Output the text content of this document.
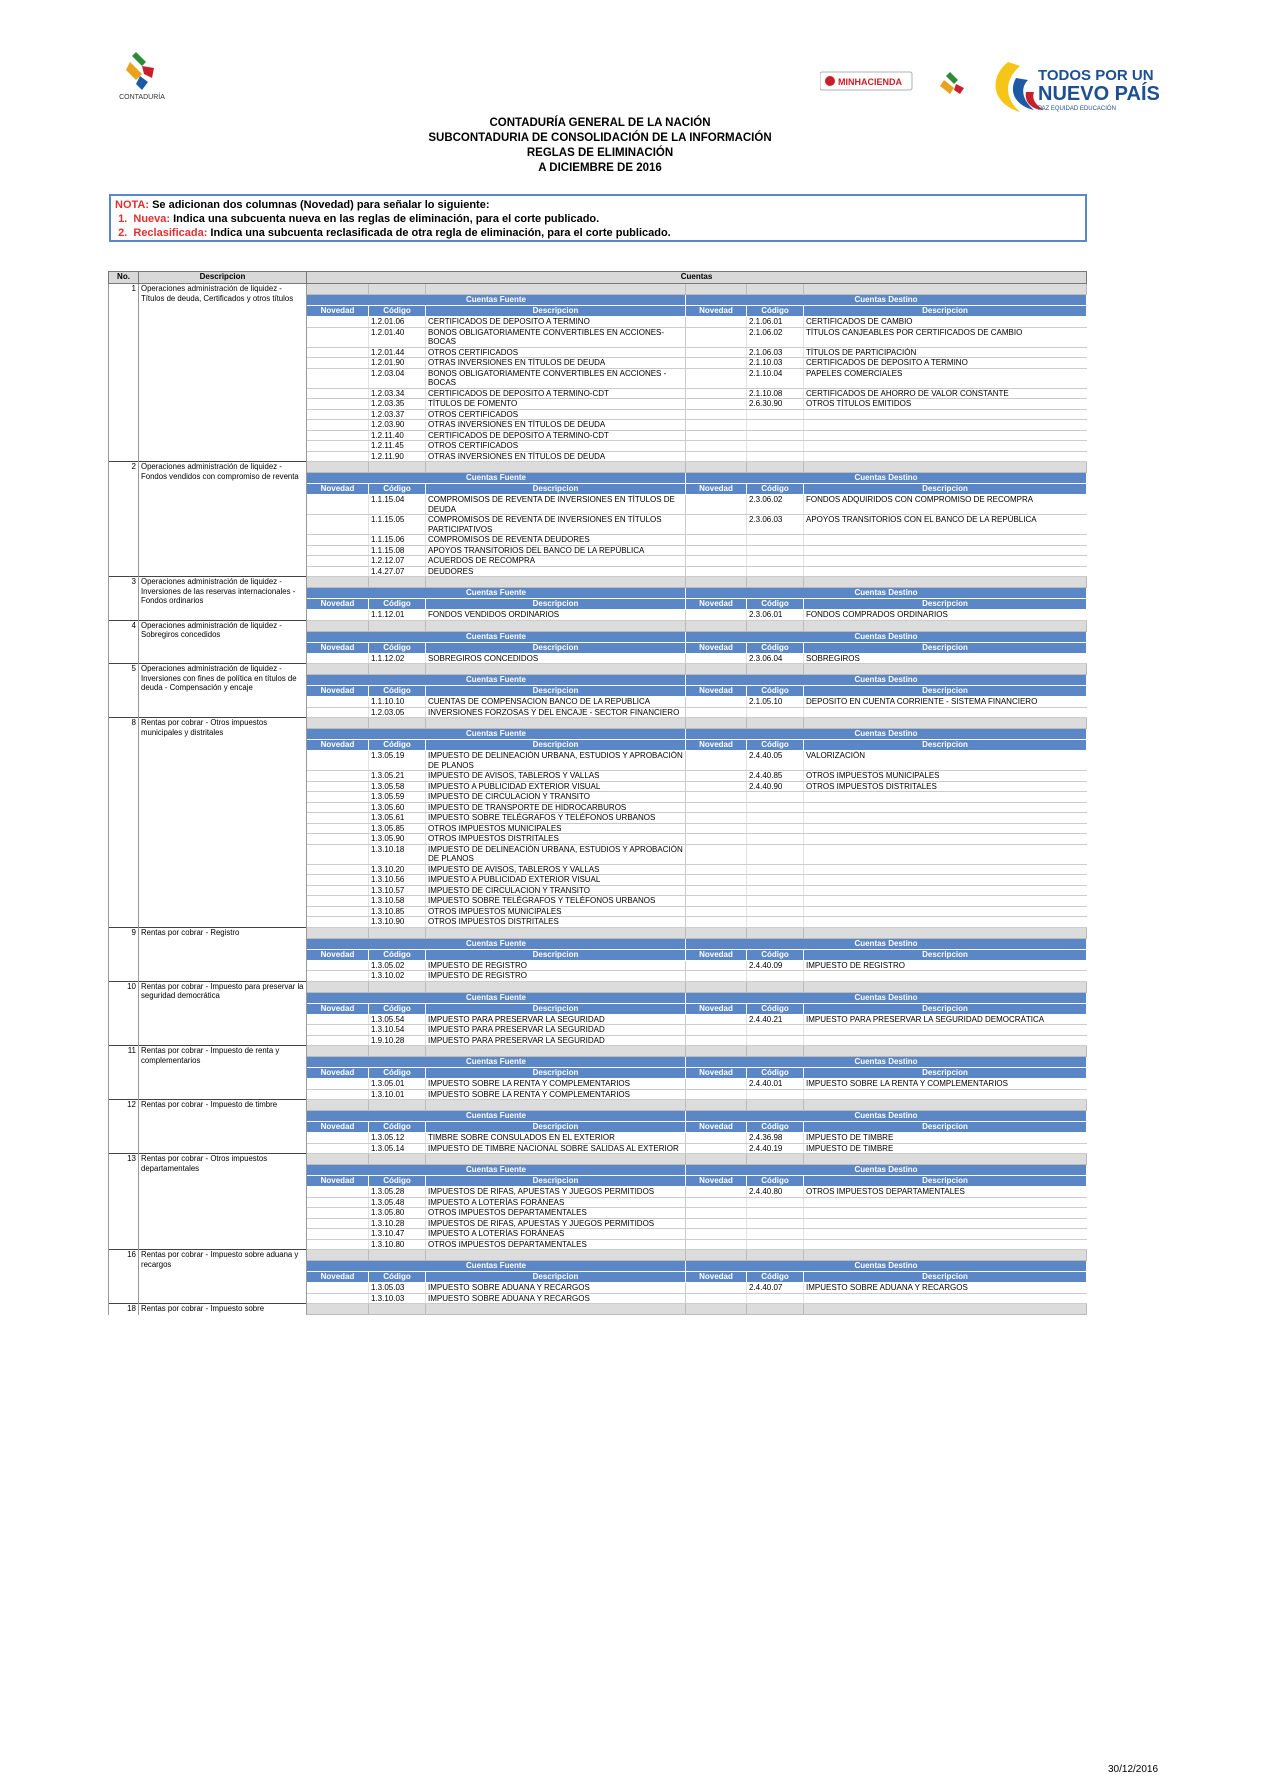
CONTADURÍA
MINHACIENDA	TODOS POR UN
NUEVO PAÍS
PAZ EQUIDAD EDUCACIÓN
CONTADURÍA GENERAL DE LA NACIÓN
SUBCONTADURIA DE CONSOLIDACIÓN DE LA INFORMACIÓN
REGLAS DE ELIMINACIÓN
A DICIEMBRE DE 2016
NOTA: Se adicionan dos columnas (Novedad) para señalar lo siguiente:
1. Nueva: Indica una subcuenta nueva en las reglas de eliminación, para el corte publicado.
2. Reclasificada: Indica una subcuenta reclasificada de otra regla de eliminación, para el corte publicado.
No.	Descripcion	Cuentas					
1	Operaciones administración de liquidez - Títulos de deuda, Certificados y otros títulos						
		Cuentas Fuente			Cuentas Destino		
		Novedad	Código	Descripcion	Novedad	Código	Descripcion
			1.2.01.06	CERTIFICADOS DE DEPOSITO A TERMINO		2.1.06.01	CERTIFICADOS DE CAMBIO
			1.2.01.40	BONOS OBLIGATORIAMENTE CONVERTIBLES EN ACCIONES- BOCAS		2.1.06.02	TÍTULOS CANJEABLES POR CERTIFICADOS DE CAMBIO
			1.2.01.44	OTROS CERTIFICADOS		2.1.06.03	TÍTULOS DE PARTICIPACIÓN
			1.2.01.90	OTRAS INVERSIONES EN TÍTULOS DE DEUDA		2.1.10.03	CERTIFICADOS DE DEPOSITO A TERMINO
			1.2.03.04	BONOS OBLIGATORIAMENTE CONVERTIBLES EN ACCIONES - BOCAS		2.1.10.04	PAPELES COMERCIALES
			1.2.03.34	CERTIFICADOS DE DEPOSITO A TERMINO-CDT		2.1.10.08	CERTIFICADOS DE AHORRO DE VALOR CONSTANTE
			1.2.03.35	TÍTULOS DE FOMENTO		2.6.30.90	OTROS TÍTULOS EMITIDOS
			1.2.03.37	OTROS CERTIFICADOS			
			1.2.03.90	OTRAS INVERSIONES EN TÍTULOS DE DEUDA			
			1.2.11.40	CERTIFICADOS DE DEPOSITO A TERMINO-CDT			
			1.2.11.45	OTROS CERTIFICADOS			
			1.2.11.90	OTRAS INVERSIONES EN TÍTULOS DE DEUDA			
2	Operaciones administración de liquidez - Fondos vendidos con compromiso de reventa						
		Cuentas Fuente			Cuentas Destino		
		Novedad	Código	Descripcion	Novedad	Código	Descripcion
			1.1.15.04	COMPROMISOS DE REVENTA DE INVERSIONES EN TÍTULOS DE DEUDA		2.3.06.02	FONDOS ADQUIRIDOS CON COMPROMISO DE RECOMPRA
			1.1.15.05	COMPROMISOS DE REVENTA DE INVERSIONES EN TÍTULOS PARTICIPATIVOS		2.3.06.03	APOYOS TRANSITORIOS CON EL BANCO DE LA REPÚBLICA
			1.1.15.06	COMPROMISOS DE REVENTA DEUDORES			
			1.1.15.08	APOYOS TRANSITORIOS DEL BANCO DE LA REPÚBLICA			
			1.2.12.07	ACUERDOS DE RECOMPRA			
			1.4.27.07	DEUDORES			
3	Operaciones administración de liquidez - Inversiones de las reservas internacionales - Fondos ordinarios						
		Cuentas Fuente			Cuentas Destino		
		Novedad	Código	Descripcion	Novedad	Código	Descripcion
			1.1.12.01	FONDOS VENDIDOS ORDINARIOS		2.3.06.01	FONDOS COMPRADOS ORDINARIOS
4	Operaciones administración de liquidez - Sobregiros concedidos						
		Cuentas Fuente			Cuentas Destino		
		Novedad	Código	Descripcion	Novedad	Código	Descripcion
			1.1.12.02	SOBREGIROS CONCEDIDOS		2.3.06.04	SOBREGIROS
5	Operaciones administración de liquidez - Inversiones con fines de política en títulos de deuda - Compensación y encaje						
		Cuentas Fuente			Cuentas Destino		
		Novedad	Código	Descripcion	Novedad	Código	Descripcion
			1.1.10.10	CUENTAS DE COMPENSACION BANCO DE LA REPUBLICA		2.1.05.10	DEPOSITO EN CUENTA CORRIENTE - SISTEMA FINANCIERO
			1.2.03.05	INVERSIONES FORZOSAS Y DEL ENCAJE - SECTOR FINANCIERO			
8	Rentas por cobrar - Otros impuestos municipales y distritales						
		Cuentas Fuente			Cuentas Destino		
		Novedad	Código	Descripcion	Novedad	Código	Descripcion
			1.3.05.19	IMPUESTO DE DELINEACIÓN URBANA, ESTUDIOS Y APROBACIÓN DE PLANOS		2.4.40.05	VALORIZACIÓN
			1.3.05.21	IMPUESTO DE AVISOS, TABLEROS Y VALLAS		2.4.40.85	OTROS IMPUESTOS MUNICIPALES
			1.3.05.58	IMPUESTO A PUBLICIDAD EXTERIOR VISUAL		2.4.40.90	OTROS IMPUESTOS DISTRITALES
			1.3.05.59	IMPUESTO DE CIRCULACION Y TRANSITO			
			1.3.05.60	IMPUESTO DE TRANSPORTE DE HIDROCARBUROS			
			1.3.05.61	IMPUESTO SOBRE TELÉGRAFOS Y TELÉFONOS URBANOS			
			1.3.05.85	OTROS IMPUESTOS MUNICIPALES			
			1.3.05.90	OTROS IMPUESTOS DISTRITALES			
			1.3.10.18	IMPUESTO DE DELINEACIÓN URBANA, ESTUDIOS Y APROBACIÓN DE PLANOS			
			1.3.10.20	IMPUESTO DE AVISOS, TABLEROS Y VALLAS			
			1.3.10.56	IMPUESTO A PUBLICIDAD EXTERIOR VISUAL			
			1.3.10.57	IMPUESTO DE CIRCULACION Y TRANSITO			
			1.3.10.58	IMPUESTO SOBRE TELÉGRAFOS Y TELÉFONOS URBANOS			
			1.3.10.85	OTROS IMPUESTOS MUNICIPALES			
			1.3.10.90	OTROS IMPUESTOS DISTRITALES			
9	Rentas por cobrar - Registro						
		Cuentas Fuente			Cuentas Destino		
		Novedad	Código	Descripcion	Novedad	Código	Descripcion
			1.3.05.02	IMPUESTO DE REGISTRO		2.4.40.09	IMPUESTO DE REGISTRO
			1.3.10.02	IMPUESTO DE REGISTRO			
10	Rentas por cobrar - Impuesto para preservar la seguridad democrática						
		Cuentas Fuente			Cuentas Destino		
		Novedad	Código	Descripcion	Novedad	Código	Descripcion
			1.3.05.54	IMPUESTO PARA PRESERVAR LA SEGURIDAD		2.4.40.21	IMPUESTO PARA PRESERVAR LA SEGURIDAD DEMOCRÁTICA
			1.3.10.54	IMPUESTO PARA PRESERVAR LA SEGURIDAD			
			1.9.10.28	IMPUESTO PARA PRESERVAR LA SEGURIDAD			
11	Rentas por cobrar - Impuesto de renta y complementarios						
		Cuentas Fuente			Cuentas Destino		
		Novedad	Código	Descripcion	Novedad	Código	Descripcion
			1.3.05.01	IMPUESTO SOBRE LA RENTA Y COMPLEMENTARIOS		2.4.40.01	IMPUESTO SOBRE LA RENTA Y COMPLEMENTARIOS
			1.3.10.01	IMPUESTO SOBRE LA RENTA Y COMPLEMENTARIOS			
12	Rentas por cobrar - Impuesto de timbre						
		Cuentas Fuente			Cuentas Destino		
		Novedad	Código	Descripcion	Novedad	Código	Descripcion
			1.3.05.12	TIMBRE SOBRE CONSULADOS EN EL EXTERIOR		2.4.36.98	IMPUESTO DE TIMBRE
			1.3.05.14	IMPUESTO DE TIMBRE NACIONAL SOBRE SALIDAS AL EXTERIOR		2.4.40.19	IMPUESTO DE TIMBRE
13	Rentas por cobrar - Otros impuestos departamentales						
		Cuentas Fuente			Cuentas Destino		
		Novedad	Código	Descripcion	Novedad	Código	Descripcion
			1.3.05.28	IMPUESTOS DE RIFAS, APUESTAS Y JUEGOS PERMITIDOS		2.4.40.80	OTROS IMPUESTOS DEPARTAMENTALES
			1.3.05.48	IMPUESTO A LOTERÍAS FORÁNEAS			
			1.3.05.80	OTROS IMPUESTOS DEPARTAMENTALES			
			1.3.10.28	IMPUESTOS DE RIFAS, APUESTAS Y JUEGOS PERMITIDOS			
			1.3.10.47	IMPUESTO A LOTERÍAS FORÁNEAS			
			1.3.10.80	OTROS IMPUESTOS DEPARTAMENTALES			
16	Rentas por cobrar - Impuesto sobre aduana y recargos						
		Cuentas Fuente			Cuentas Destino		
		Novedad	Código	Descripcion	Novedad	Código	Descripcion
			1.3.05.03	IMPUESTO SOBRE ADUANA Y RECARGOS		2.4.40.07	IMPUESTO SOBRE ADUANA Y RECARGOS
			1.3.10.03	IMPUESTO SOBRE ADUANA Y RECARGOS			
18	Rentas por cobrar - Impuesto sobre						
30/12/2016
